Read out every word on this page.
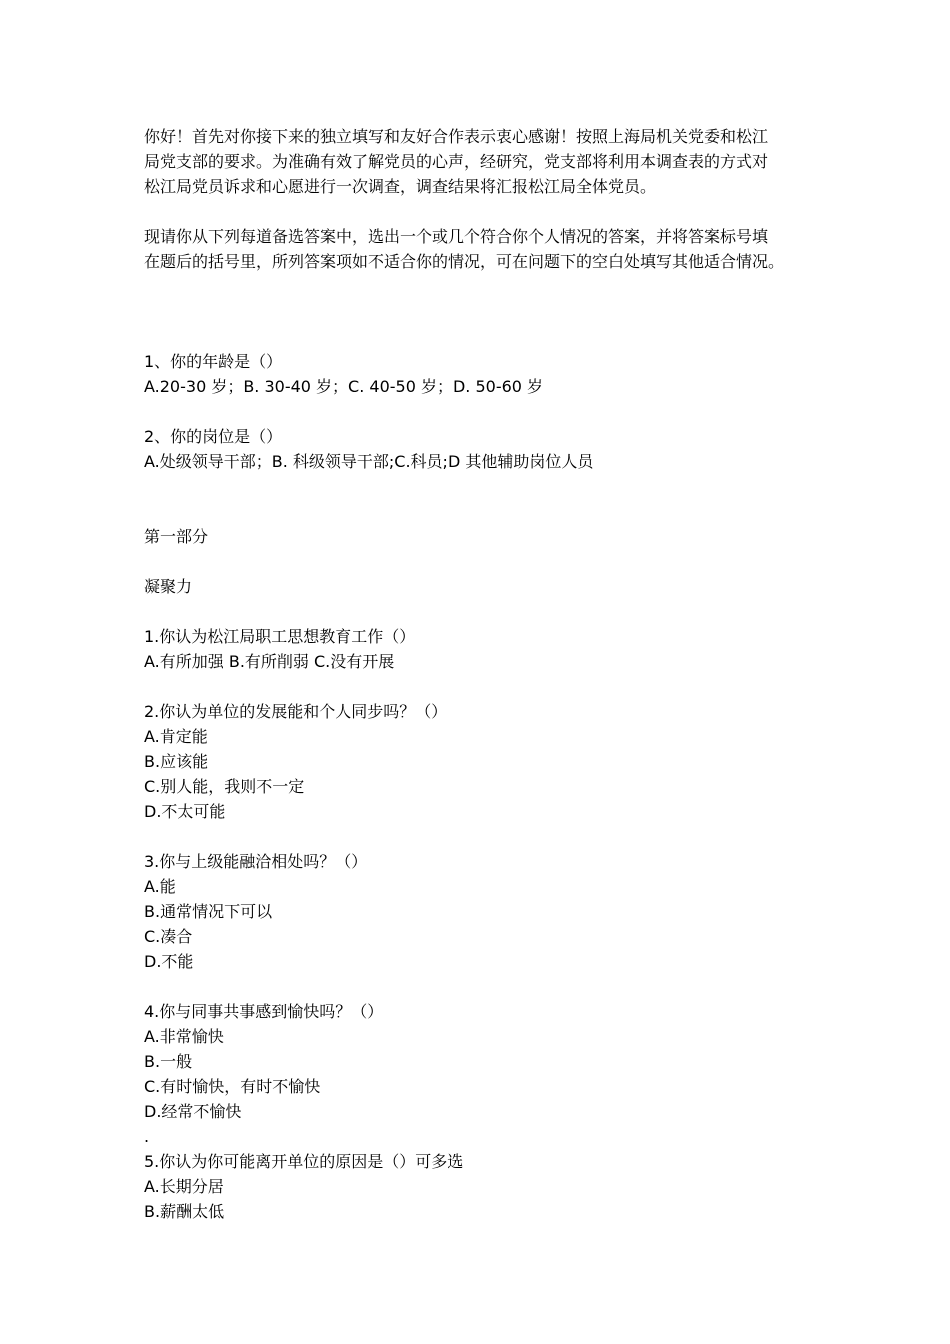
你好！首先对你接下来的独立填写和友好合作表示衷心感谢！按照上海局机关党委和松江
局党支部的要求。为准确有效了解党员的心声，经研究，党支部将利用本调查表的方式对
松江局党员诉求和心愿进行一次调查，调查结果将汇报松江局全体党员。
现请你从下列每道备选答案中，选出一个或几个符合你个人情况的答案，并将答案标号填
在题后的括号里，所列答案项如不适合你的情况，可在问题下的空白处填写其他适合情况。
1、你的年龄是（）
A.20-30 岁；B. 30-40 岁；C. 40-50 岁；D. 50-60 岁
2、你的岗位是（）
A.处级领导干部；B. 科级领导干部;C.科员;D 其他辅助岗位人员
第一部分
凝聚力
1.你认为松江局职工思想教育工作（）
A.有所加强 B.有所削弱 C.没有开展
2.你认为单位的发展能和个人同步吗？（）
A.肯定能
B.应该能
C.别人能，我则不一定
D.不太可能
3.你与上级能融洽相处吗？（）
A.能
B.通常情况下可以
C.凑合
D.不能
4.你与同事共事感到愉快吗？（）
A.非常愉快
B.一般
C.有时愉快，有时不愉快
D.经常不愉快
.
5.你认为你可能离开单位的原因是（）可多选
A.长期分居
B.薪酬太低
